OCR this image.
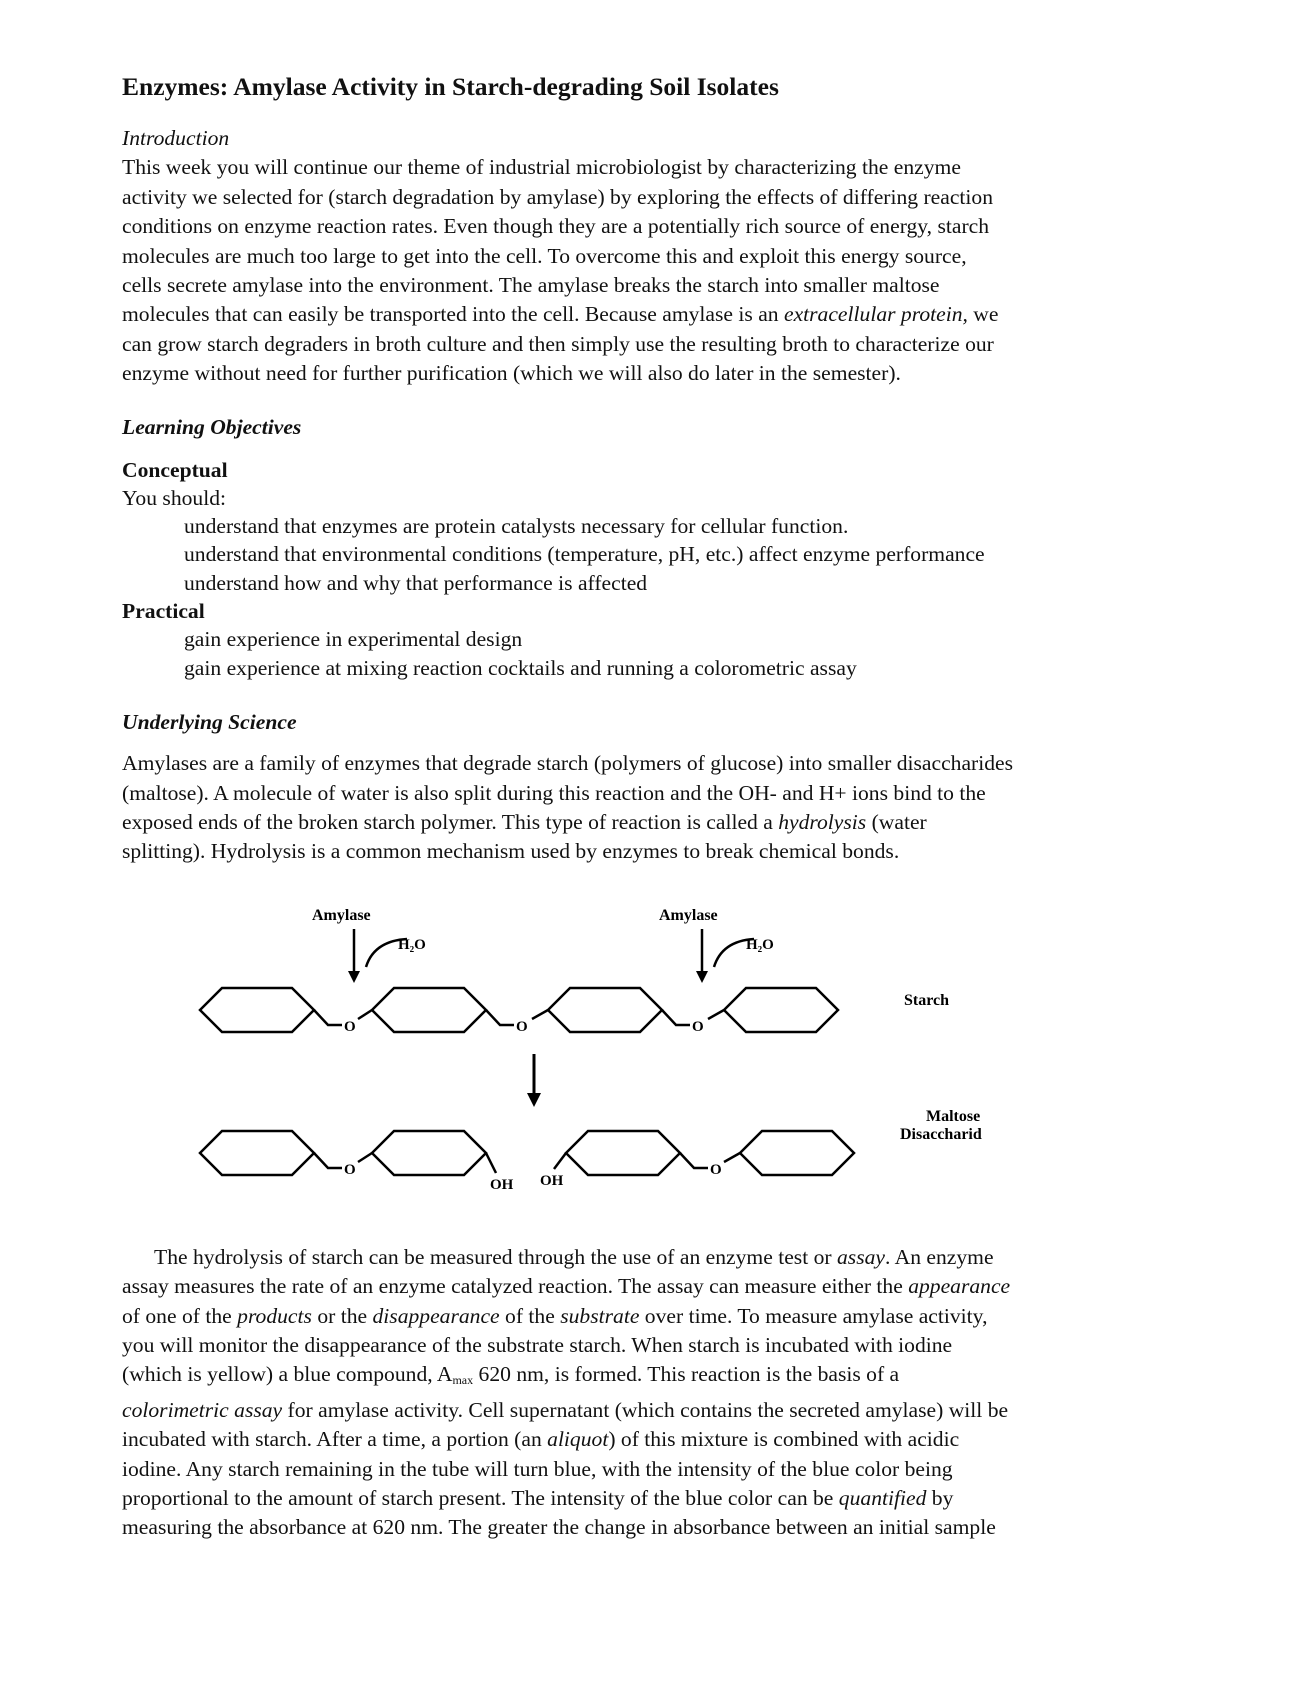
Enzymes: Amylase Activity in Starch-degrading Soil Isolates
Introduction
This week you will continue our theme of industrial microbiologist by characterizing the enzyme
activity we selected for (starch degradation by amylase) by exploring the effects of differing reaction
conditions on enzyme reaction rates. Even though they are a potentially rich source of energy, starch
molecules are much too large to get into the cell. To overcome this and exploit this energy source,
cells secrete amylase into the environment. The amylase breaks the starch into smaller maltose
molecules that can easily be transported into the cell. Because amylase is an extracellular protein, we
can grow starch degraders in broth culture and then simply use the resulting broth to characterize our
enzyme without need for further purification (which we will also do later in the semester).
Learning Objectives
Conceptual
You should:
understand that enzymes are protein catalysts necessary for cellular function.
understand that environmental conditions (temperature, pH, etc.) affect enzyme performance
understand how and why that performance is affected
Practical
gain experience in experimental design
gain experience at mixing reaction cocktails and running a colorometric assay
Underlying Science
Amylases are a family of enzymes that degrade starch (polymers of glucose) into smaller disaccharides
(maltose). A molecule of water is also split during this reaction and the OH- and H+ ions bind to the
exposed ends of the broken starch polymer. This type of reaction is called a hydrolysis (water
splitting). Hydrolysis is a common mechanism used by enzymes to break chemical bonds.
Amylase	Amylase
H₂O	H₂O
O	O	O
Starch
O
OH OH
O
Maltose
Disaccharid
The hydrolysis of starch can be measured through the use of an enzyme test or assay. An enzyme
assay measures the rate of an enzyme catalyzed reaction. The assay can measure either the appearance
of one of the products or the disappearance of the substrate over time. To measure amylase activity,
you will monitor the disappearance of the substrate starch. When starch is incubated with iodine
(which is yellow) a blue compound, $A_{max}$ 620 nm, is formed. This reaction is the basis of a
colorimetric assay for amylase activity. Cell supernatant (which contains the secreted amylase) will be
incubated with starch. After a time, a portion (an aliquot) of this mixture is combined with acidic
iodine. Any starch remaining in the tube will turn blue, with the intensity of the blue color being
proportional to the amount of starch present. The intensity of the blue color can be quantified by
measuring the absorbance at 620 nm. The greater the change in absorbance between an initial sample
